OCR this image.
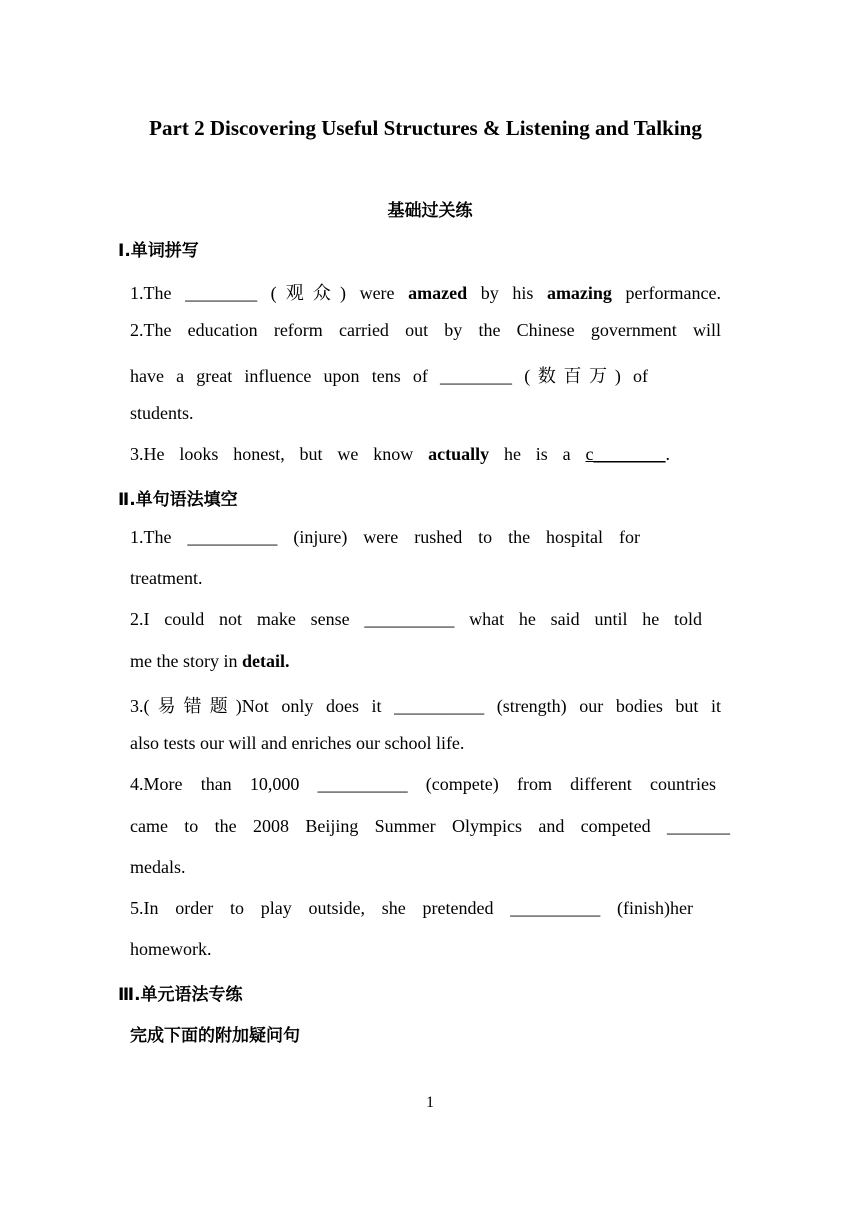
Part 2 Discovering Useful Structures & Listening and Talking
基础过关练
Ⅰ.单词拼写
1.The ________ (观众) were amazed by his amazing performance.
2.The education reform carried out by the Chinese government will
have a great influence upon tens of ________ (数百万) of
students.
3.He looks honest, but we know actually he is a c________.
Ⅱ.单句语法填空
1.The __________ (injure) were rushed to the hospital for
treatment.
2.I could not make sense __________ what he said until he told
me the story in detail.
3.(易错题)Not only does it __________ (strength) our bodies but it
also tests our will and enriches our school life.
4.More than 10,000 __________ (compete) from different countries
came to the 2008 Beijing Summer Olympics and competed _______
medals.
5.In order to play outside, she pretended __________ (finish)her
homework.
Ⅲ.单元语法专练
完成下面的附加疑问句
1
